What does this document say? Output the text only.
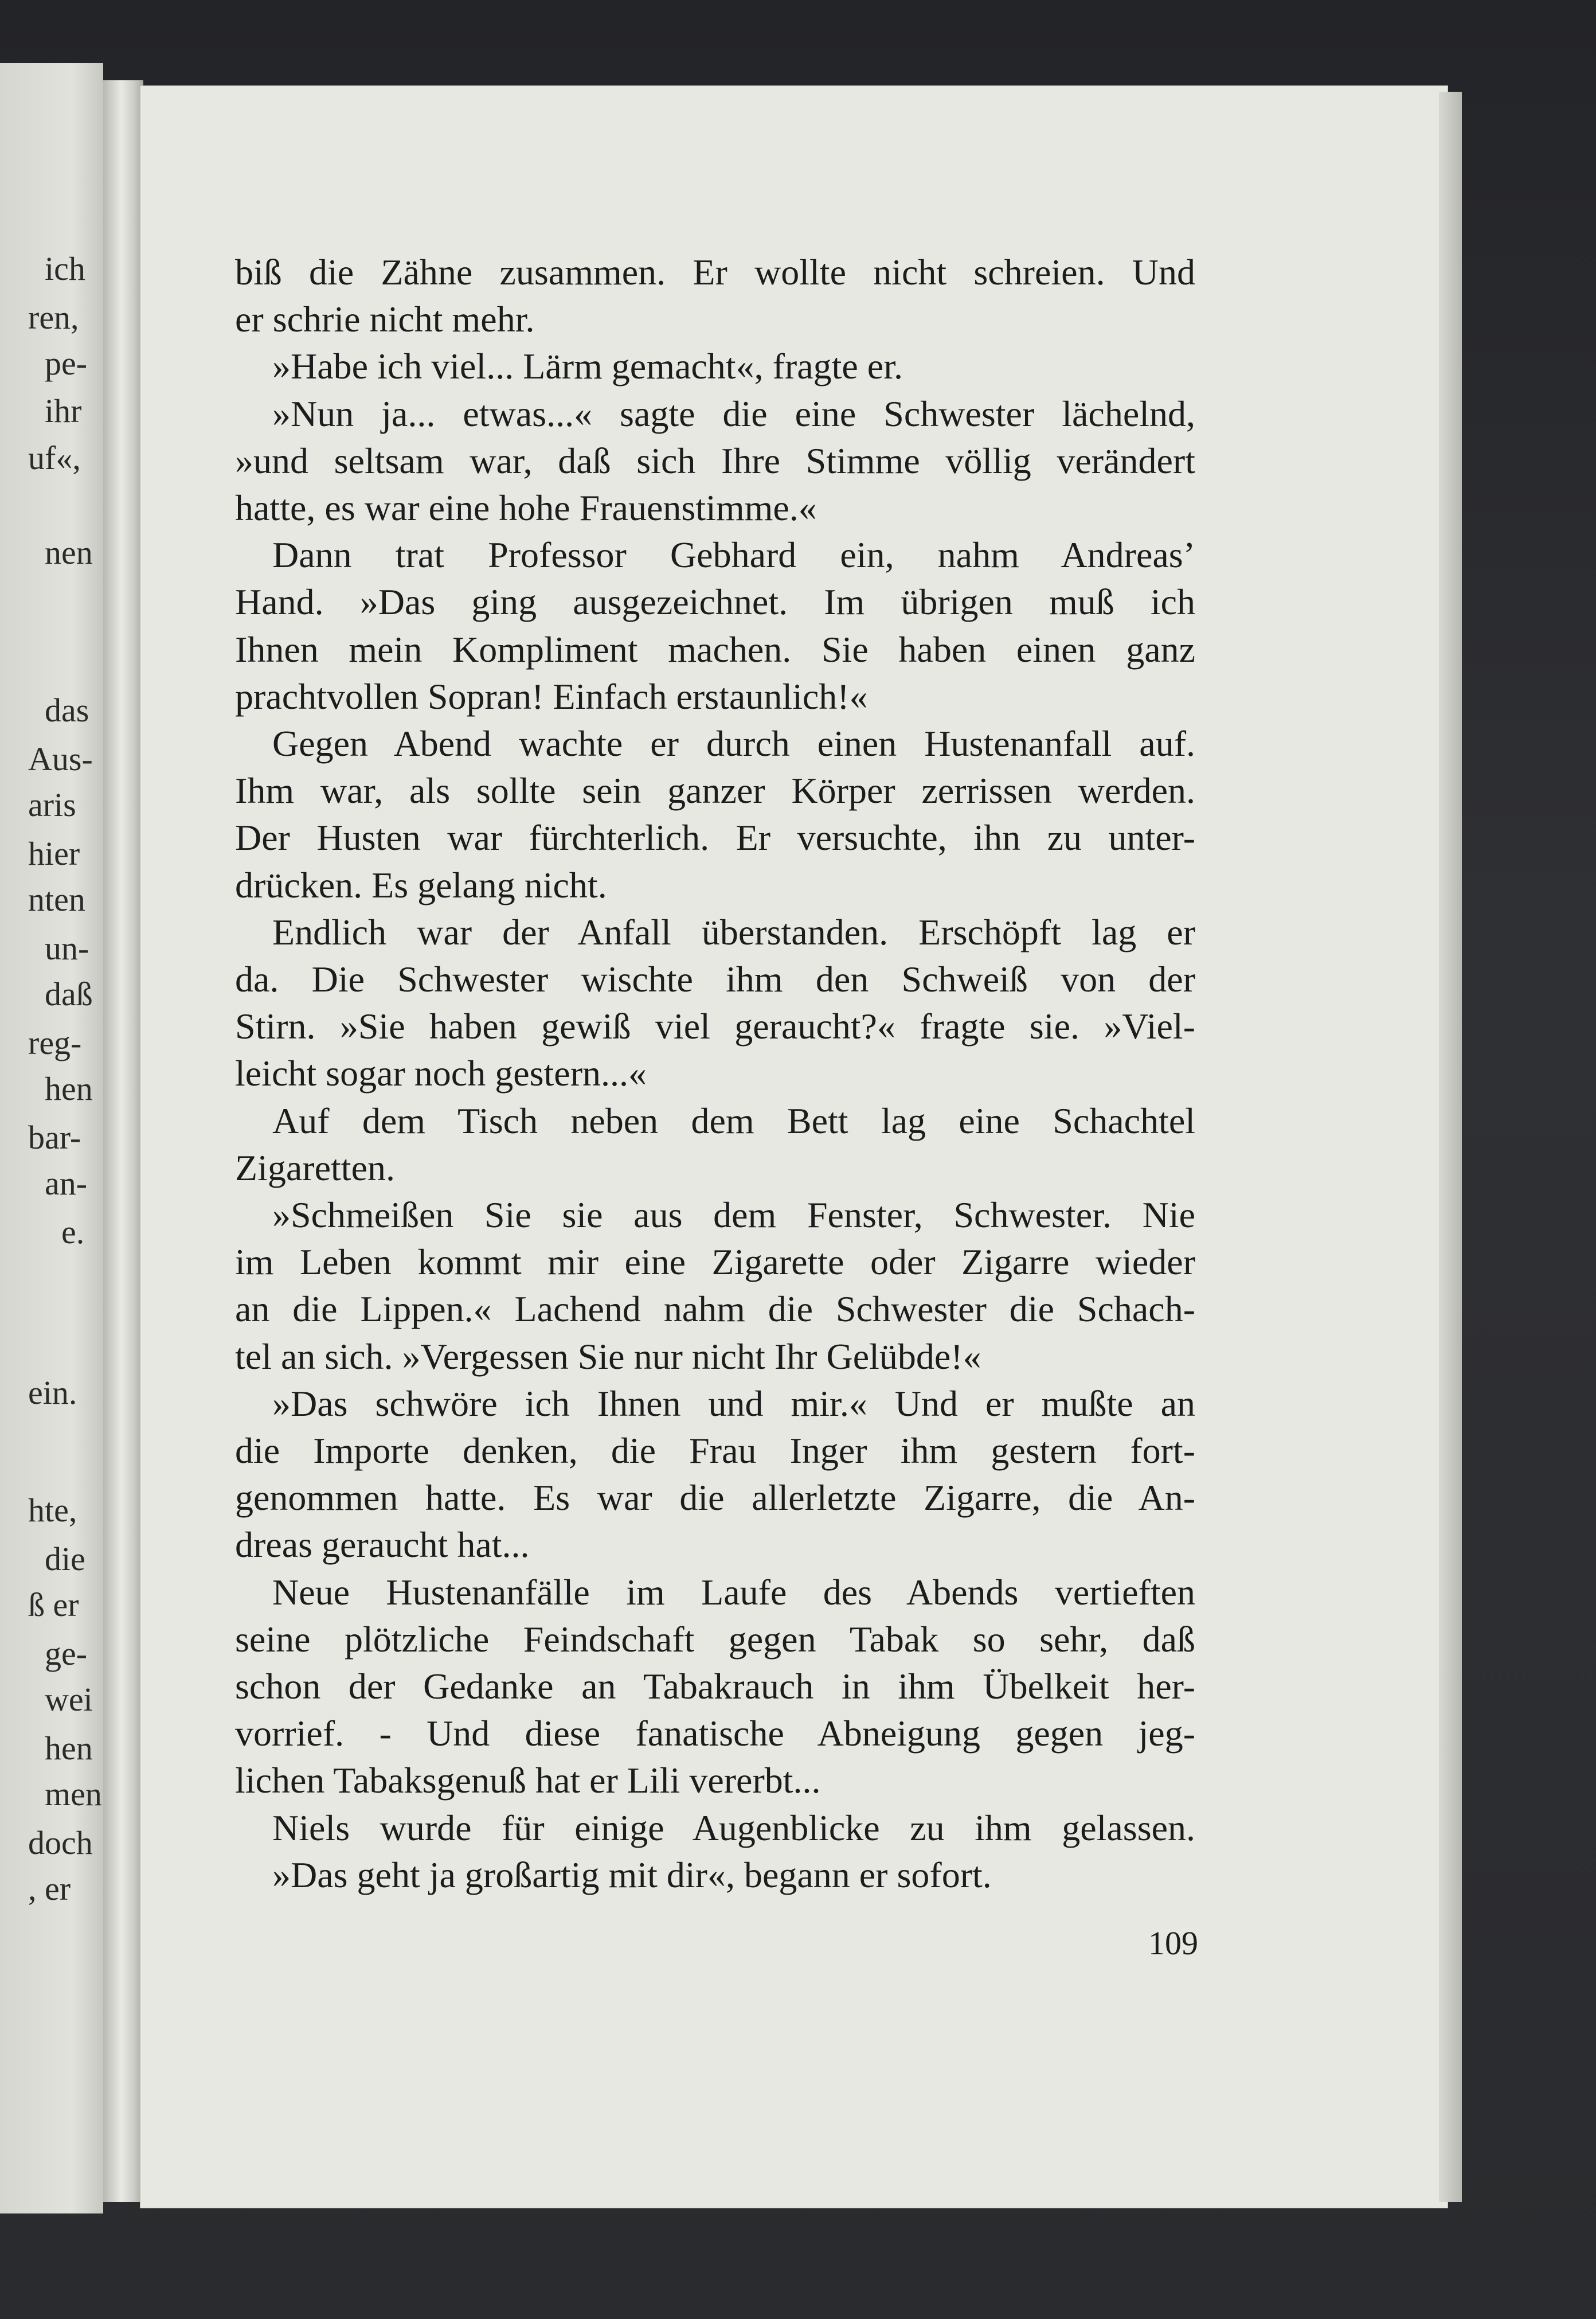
ich
ren,
pe-
ihr
uf«,
nen
das
Aus-
aris
hier
nten
un-
daß
reg-
hen
bar-
an-
e.
ein.
hte,
die
ß er
ge-
wei
hen
men
doch
, er
biß die Zähne zusammen. Er wollte nicht schreien. Und
er schrie nicht mehr.
»Habe ich viel... Lärm gemacht«, fragte er.
»Nun ja... etwas...« sagte die eine Schwester lächelnd,
»und seltsam war, daß sich Ihre Stimme völlig verändert
hatte, es war eine hohe Frauenstimme.«
Dann trat Professor Gebhard ein, nahm Andreas’
Hand. »Das ging ausgezeichnet. Im übrigen muß ich
Ihnen mein Kompliment machen. Sie haben einen ganz
prachtvollen Sopran! Einfach erstaunlich!«
Gegen Abend wachte er durch einen Hustenanfall auf.
Ihm war, als sollte sein ganzer Körper zerrissen werden.
Der Husten war fürchterlich. Er versuchte, ihn zu unter-
drücken. Es gelang nicht.
Endlich war der Anfall überstanden. Erschöpft lag er
da. Die Schwester wischte ihm den Schweiß von der
Stirn. »Sie haben gewiß viel geraucht?« fragte sie. »Viel-
leicht sogar noch gestern...«
Auf dem Tisch neben dem Bett lag eine Schachtel
Zigaretten.
»Schmeißen Sie sie aus dem Fenster, Schwester. Nie
im Leben kommt mir eine Zigarette oder Zigarre wieder
an die Lippen.« Lachend nahm die Schwester die Schach-
tel an sich. »Vergessen Sie nur nicht Ihr Gelübde!«
»Das schwöre ich Ihnen und mir.« Und er mußte an
die Importe denken, die Frau Inger ihm gestern fort-
genommen hatte. Es war die allerletzte Zigarre, die An-
dreas geraucht hat...
Neue Hustenanfälle im Laufe des Abends vertieften
seine plötzliche Feindschaft gegen Tabak so sehr, daß
schon der Gedanke an Tabakrauch in ihm Übelkeit her-
vorrief. - Und diese fanatische Abneigung gegen jeg-
lichen Tabaksgenuß hat er Lili vererbt...
Niels wurde für einige Augenblicke zu ihm gelassen.
»Das geht ja großartig mit dir«, begann er sofort.
109
